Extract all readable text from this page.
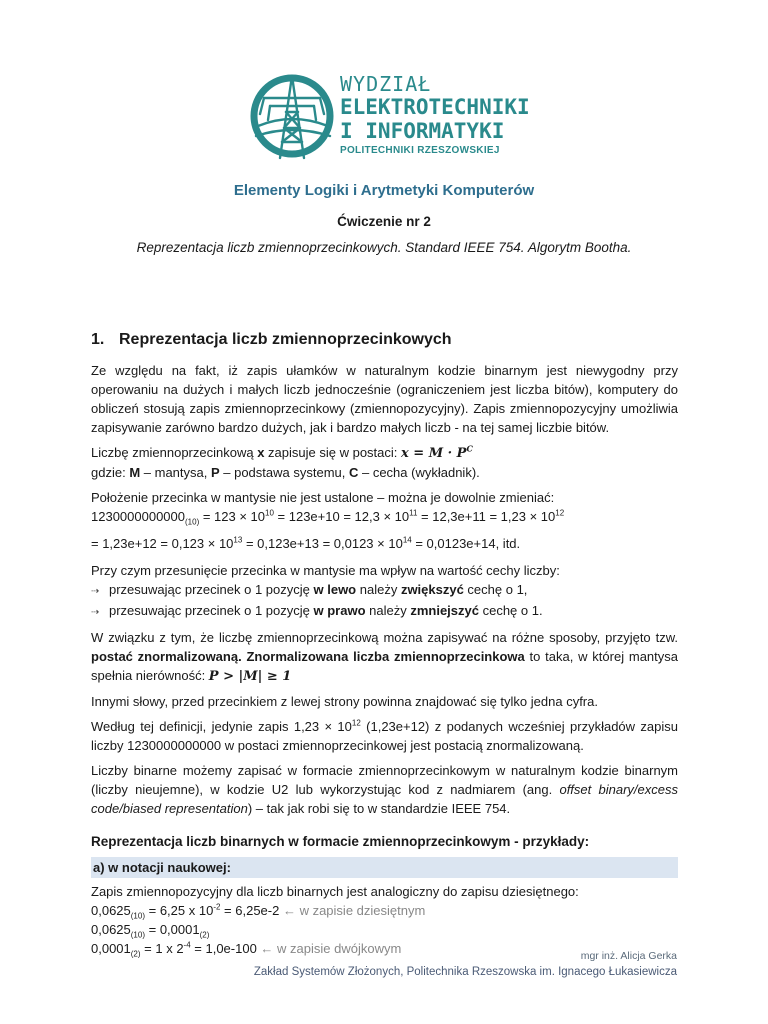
WYDZIAŁ
ELEKTROTECHNIKI
I INFORMATYKI
POLITECHNIKI RZESZOWSKIEJ
Elementy Logiki i Arytmetyki Komputerów
Ćwiczenie nr 2
Reprezentacja liczb zmiennoprzecinkowych. Standard IEEE 754. Algorytm Bootha.
1. Reprezentacja liczb zmiennoprzecinkowych

Ze względu na fakt, iż zapis ułamków w naturalnym kodzie binarnym jest niewygodny przy operowaniu na dużych i małych liczb jednocześnie (ograniczeniem jest liczba bitów), komputery do obliczeń stosują zapis zmiennoprzecinkowy (zmiennopozycyjny). Zapis zmiennopozycyjny umożliwia zapisywanie zarówno bardzo dużych, jak i bardzo małych liczb - na tej samej liczbie bitów.

Liczbę zmiennoprzecinkową x zapisuje się w postaci: $x = M \cdot P^C$

gdzie: M – mantysa, P – podstawa systemu, C – cecha (wykładnik).

Położenie przecinka w mantysie nie jest ustalone – można je dowolnie zmieniać:

$1230000000000_{(10)} = 123 \times 10^{10} = 123e+10 = 12,3 \times 10^{11} = 12,3e+11 = 1,23 \times 10^{12}$

= $1,23e+12 = 0,123 \times 10^{13} = 0,123e+13 = 0,0123 \times 10^{14} = 0,0123e+14$, itd.

Przy czym przesunięcie przecinka w mantysie ma wpływ na wartość cechy liczby:

⇢ przesuwając przecinek o 1 pozycję w lewo należy zwiększyć cechę o 1,

⇢ przesuwając przecinek o 1 pozycję w prawo należy zmniejszyć cechę o 1.

W związku z tym, że liczbę zmiennoprzecinkową można zapisywać na różne sposoby, przyjęto tzw. postać znormalizowaną. Znormalizowana liczba zmiennoprzecinkowa to taka, w której mantysa spełnia nierówność: P > |M| ≥ 1

Innymi słowy, przed przecinkiem z lewej strony powinna znajdować się tylko jedna cyfra.

Według tej definicji, jedynie zapis $1,23 \times 10^{12}$ (1,23e+12) z podanych wcześniej przykładów zapisu liczby 1230000000000 w postaci zmiennoprzecinkowej jest postacią znormalizowaną.

Liczby binarne możemy zapisać w formacie zmiennoprzecinkowym w naturalnym kodzie binarnym (liczby nieujemne), w kodzie U2 lub wykorzystując kod z nadmiarem (ang. offset binary/excess code/biased representation) – tak jak robi się to w standardzie IEEE 754.

Reprezentacja liczb binarnych w formacie zmiennoprzecinkowym - przykłady:
a) w notacji naukowej:

Zapis zmiennopozycyjny dla liczb binarnych jest analogiczny do zapisu dziesiętnego:

$0,0625_{(10)} = 6,25$ x $10^{-2} = 6,25e-2$ ← w zapisie dziesiętnym

$0,0625_{(10)} = 0,0001_{(2)}$

$0,0001_{(2)} = 1$ x $2^{-4} = 1,0e-100$ ← w zapisie dwójkowym	mgr inż. Alicja Gerka
Zakład Systemów Złożonych, Politechnika Rzeszowska im. Ignacego Łukasiewicza
